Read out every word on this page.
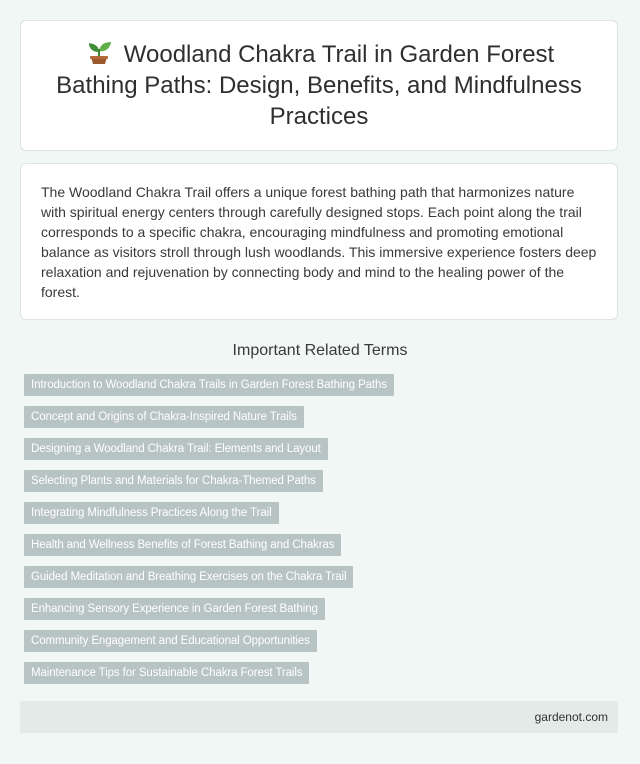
Woodland Chakra Trail in Garden Forest Bathing Paths: Design, Benefits, and Mindfulness Practices

The Woodland Chakra Trail offers a unique forest bathing path that harmonizes nature with spiritual energy centers through carefully designed stops. Each point along the trail corresponds to a specific chakra, encouraging mindfulness and promoting emotional balance as visitors stroll through lush woodlands. This immersive experience fosters deep relaxation and rejuvenation by connecting body and mind to the healing power of the forest.

Important Related Terms
Introduction to Woodland Chakra Trails in Garden Forest Bathing Paths
Concept and Origins of Chakra-Inspired Nature Trails
Designing a Woodland Chakra Trail: Elements and Layout
Selecting Plants and Materials for Chakra-Themed Paths
Integrating Mindfulness Practices Along the Trail
Health and Wellness Benefits of Forest Bathing and Chakras
Guided Meditation and Breathing Exercises on the Chakra Trail
Enhancing Sensory Experience in Garden Forest Bathing
Community Engagement and Educational Opportunities
Maintenance Tips for Sustainable Chakra Forest Trails
gardenot.com
